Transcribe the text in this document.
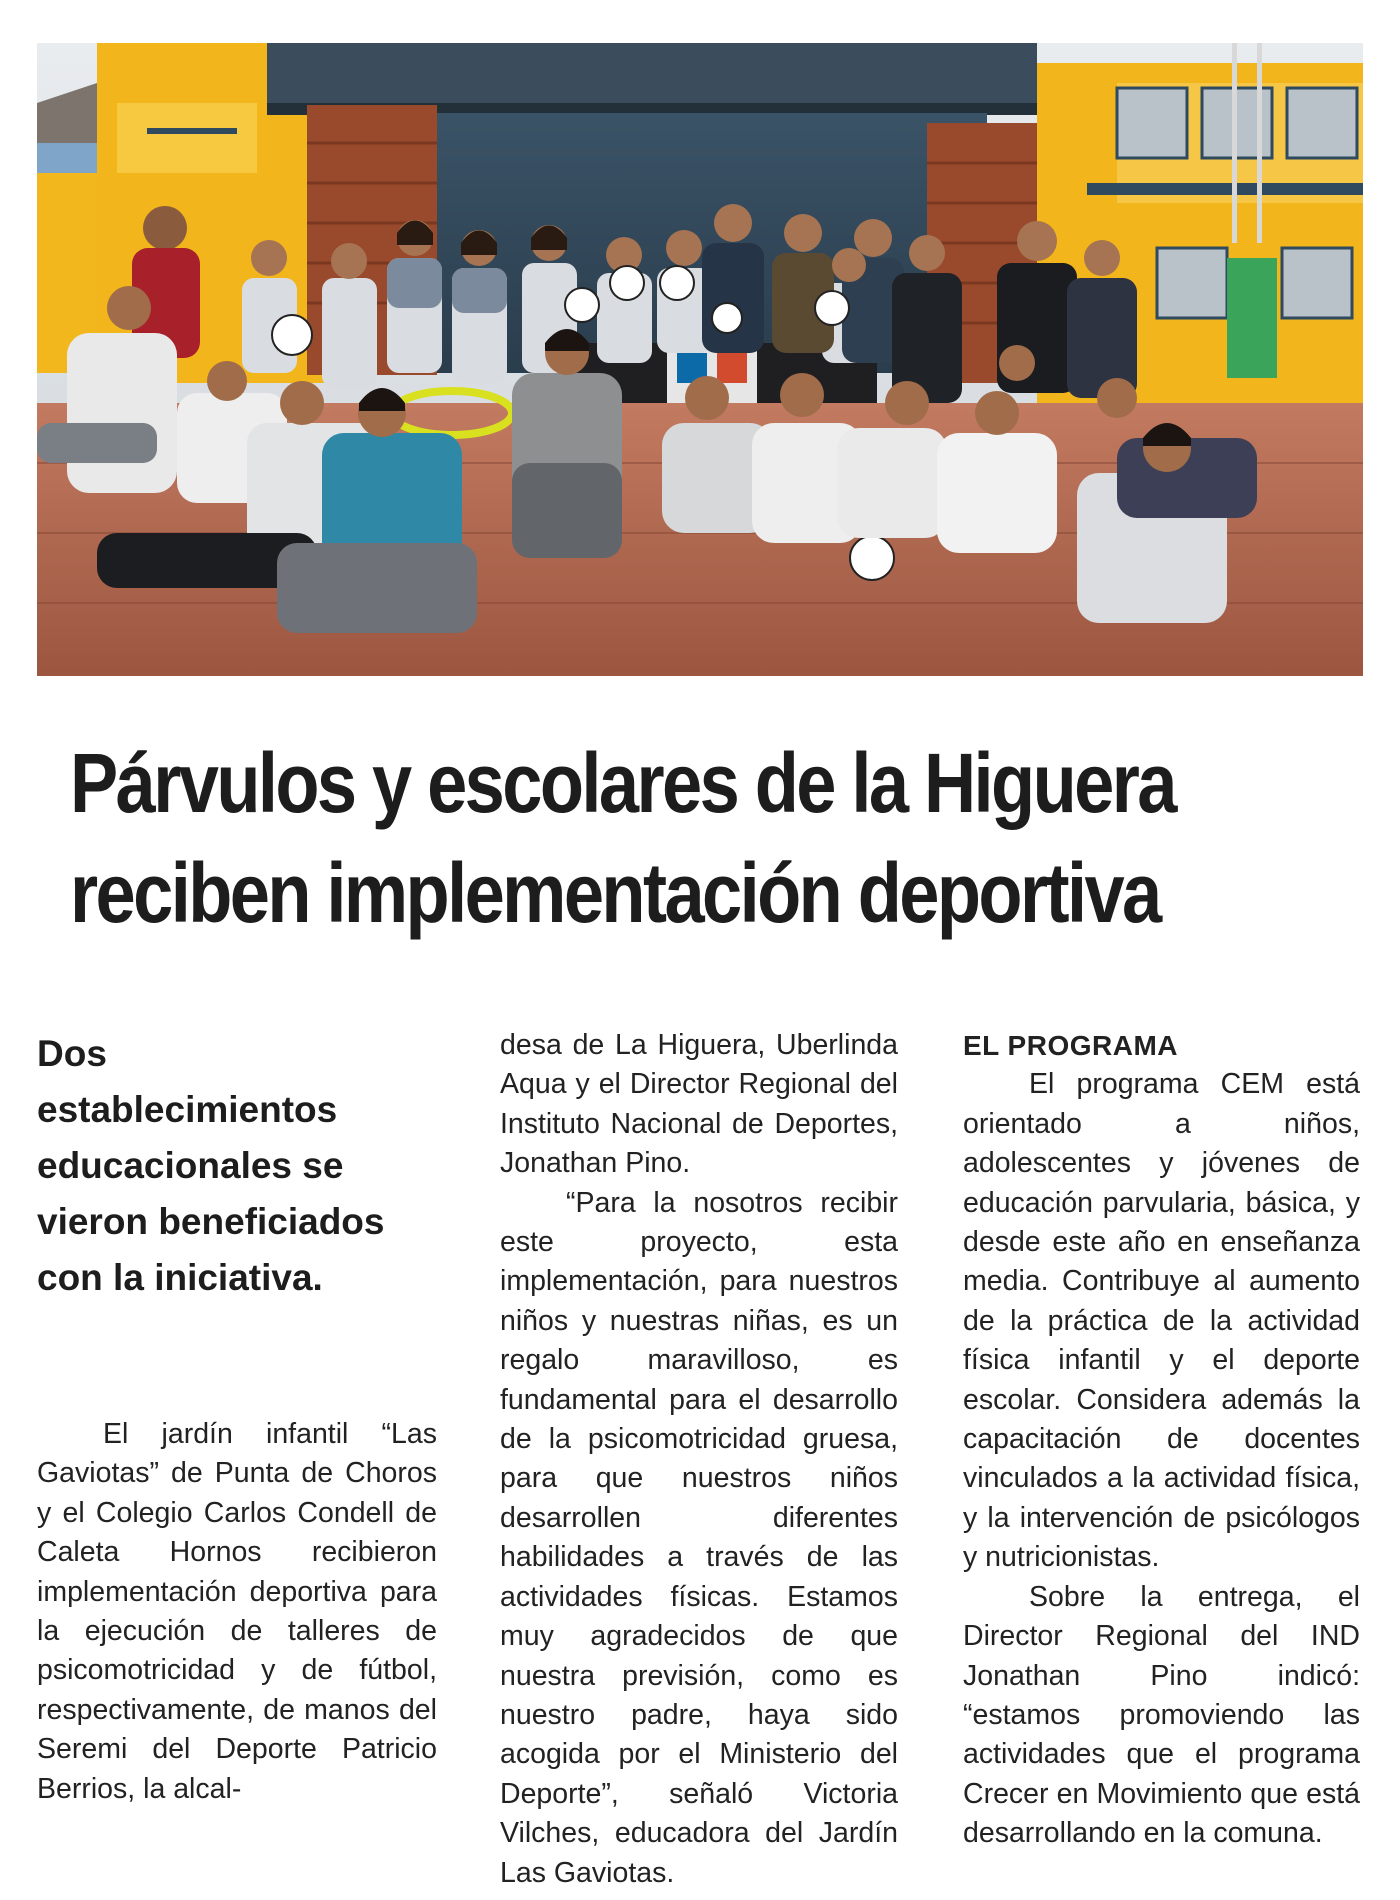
Párvulos y escolares de la Higuera
reciben implementación deportiva

Dos establecimientos educacionales se vieron beneficiados con la iniciativa.

El jardín infantil “Las Gaviotas” de Punta de Choros y el Colegio Carlos Condell de Caleta Hornos recibieron implementación deportiva para la ejecución de talleres de psicomotricidad y de fútbol, respectivamente, de manos del Seremi del Deporte Patricio Berrios, la alcal-

desa de La Higuera, Uberlinda Aqua y el Director Regional del Instituto Nacional de Deportes, Jonathan Pino.

“Para la nosotros recibir este proyecto, esta implementación, para nuestros niños y nuestras niñas, es un regalo maravilloso, es fundamental para el desarrollo de la psicomotricidad gruesa, para que nuestros niños desarrollen diferentes habilidades a través de las actividades físicas. Estamos muy agradecidos de que nuestra previsión, como es nuestro padre, haya sido acogida por el Ministerio del Deporte”, señaló Victoria Vilches, educadora del Jardín Las Gaviotas.

EL PROGRAMA

El programa CEM está orientado a niños, adolescentes y jóvenes de educación parvularia, básica, y desde este año en enseñanza media. Contribuye al aumento de la práctica de la actividad física infantil y el deporte escolar. Considera además la capacitación de docentes vinculados a la actividad física, y la intervención de psicólogos y nutricionistas.

Sobre la entrega, el Director Regional del IND Jonathan Pino indicó: “estamos promoviendo las actividades que el programa Crecer en Movimiento que está desarrollando en la comuna.
